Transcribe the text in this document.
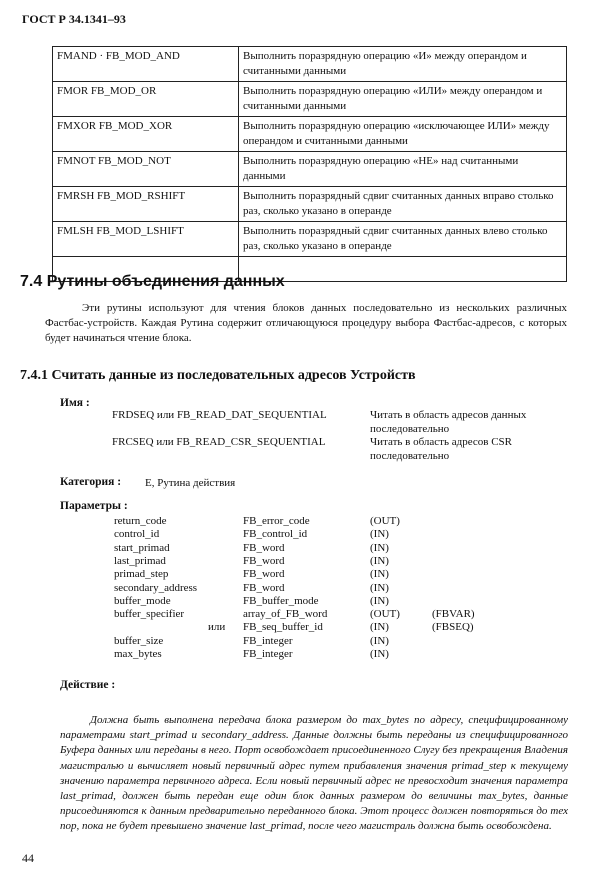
ГОСТ Р 34.1341–93
FMAND · FB_MOD_AND	Выполнить поразрядную операцию «И» между операндом и считанными данными
FMOR FB_MOD_OR	Выполнить поразрядную операцию «ИЛИ» между операндом и считанными данными
FMXOR FB_MOD_XOR	Выполнить поразрядную операцию «исключающее ИЛИ» между операндом и считанными данными
FMNOT FB_MOD_NOT	Выполнить поразрядную операцию «НЕ» над считанными данными
FMRSH FB_MOD_RSHIFT	Выполнить поразрядный сдвиг считанных данных вправо столько раз, сколько указано в операнде
FMLSH FB_MOD_LSHIFT	Выполнить поразрядный сдвиг считанных данных влево столько раз, сколько указано в операнде

7.4 Рутины объединения данных
Эти рутины используют для чтения блоков данных последовательно из нескольких различных Фастбас-устройств. Каждая Рутина содержит отличающуюся процедуру выбора Фастбас-адресов, с которых будет начинаться чтение блока.
7.4.1 Считать данные из последовательных адресов Устройств
Имя :
FRDSEQ или FB_READ_DAT_SEQUENTIAL	Читать в область адресов данных последовательно
FRCSEQ или FB_READ_CSR_SEQUENTIAL	Читать в область адресов CSR последовательно
Категория : Е, Рутина действия
Параметры :
return_code	FB_error_code	(OUT)
control_id	FB_control_id	(IN)
start_primad	FB_word	(IN)
last_primad	FB_word	(IN)
primad_step	FB_word	(IN)
secondary_address	FB_word	(IN)
buffer_mode	FB_buffer_mode	(IN)
buffer_specifier	array_of_FB_word	(OUT)	(FBVAR)
или FB_seq_buffer_id	(IN)	(FBSEQ)
buffer_size	FB_integer	(IN)
max_bytes	FB_integer	(IN)
Действие :
Должна быть выполнена передача блока размером до max_bytes по адресу, специфицированному параметрами start_primad и secondary_address. Данные должны быть переданы из специфицированного Буфера данных или переданы в него. Порт освобождает присоединенного Слугу без прекращения Владения магистралью и вычисляет новый первичный адрес путем прибавления значения primad_step к текущему значению параметра первичного адреса. Если новый первичный адрес не превосходит значения параметра last_primad, должен быть передан еще один блок данных размером до величины max_bytes, данные присоединяются к данным предварительно переданного блока. Этот процесс должен повторяться до тех пор, пока не будет превышено значение last_primad, после чего магистраль должна быть освобождена.
44
